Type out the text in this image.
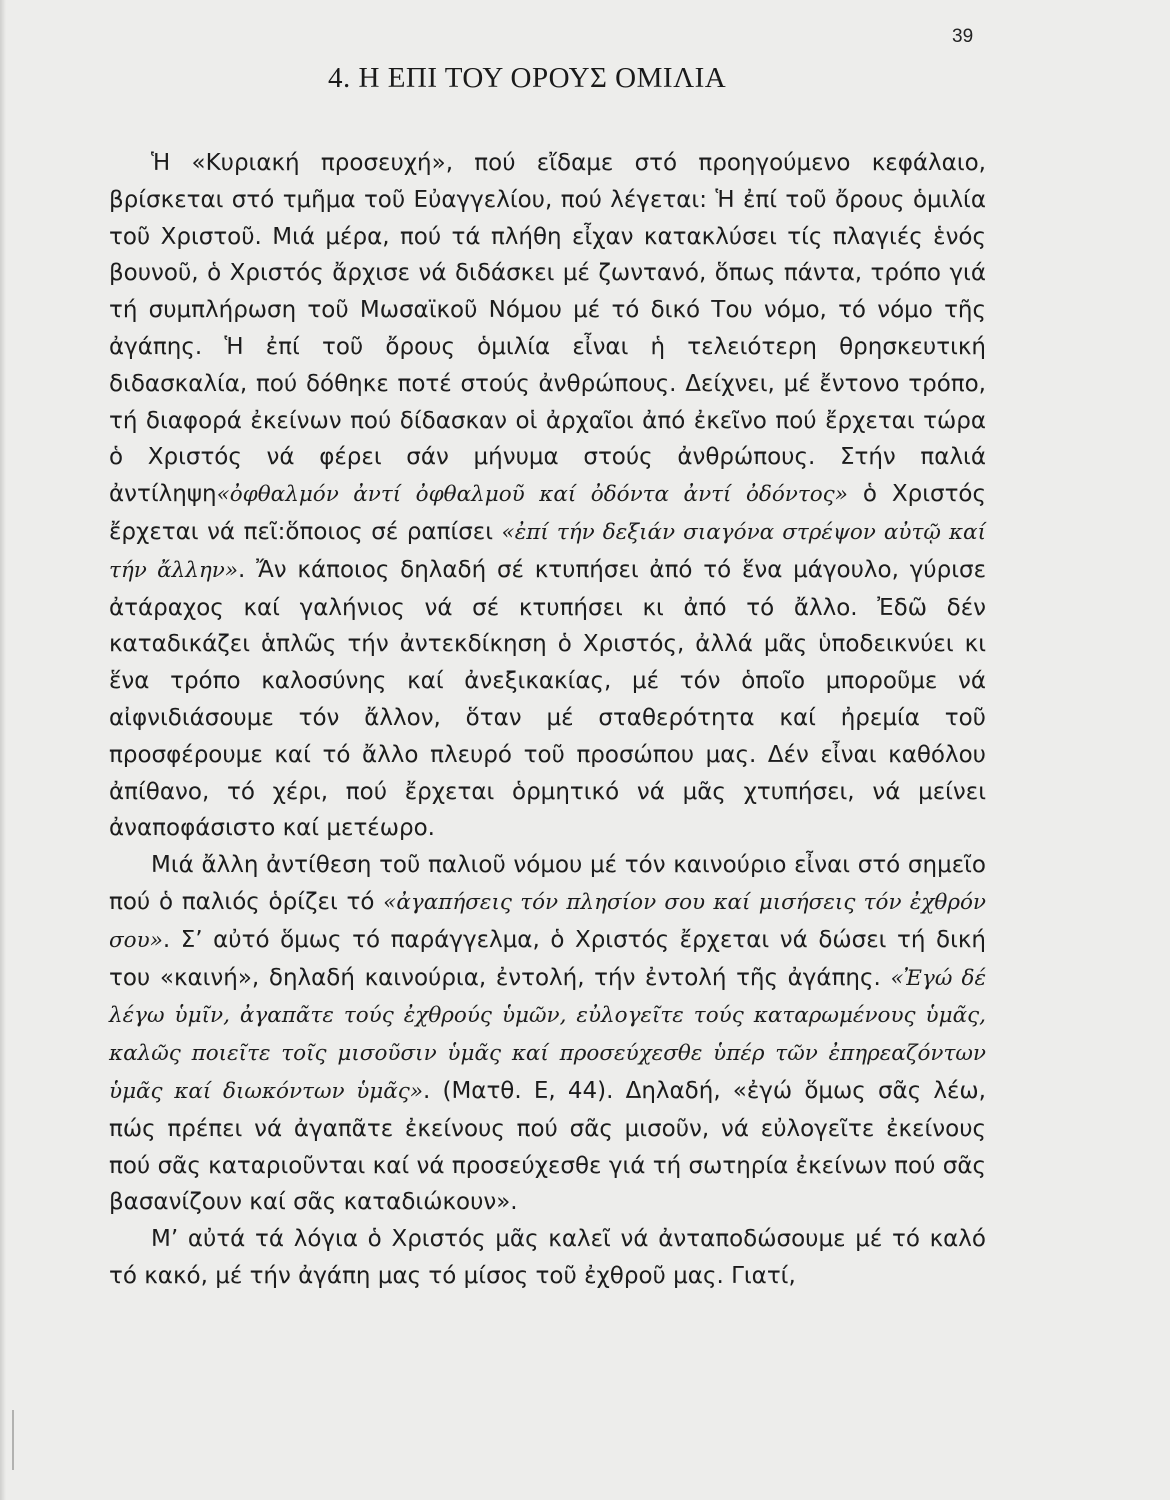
39
4. Η ΕΠΙ ΤΟΥ ΟΡΟΥΣ ΟΜΙΛΙΑ

Ἡ «Κυριακή προσευχή», πού εἴδαμε στό προηγούμενο κεφάλαιο, βρίσκεται στό τμῆμα τοῦ Εὐαγγελίου, πού λέγεται: Ἡ ἐπί τοῦ ὄρους ὁμιλία τοῦ Χριστοῦ. Μιά μέρα, πού τά πλήθη εἶχαν κατακλύσει τίς πλαγιές ἑνός βουνοῦ, ὁ Χριστός ἄρχισε νά διδάσκει μέ ζωντανό, ὅπως πάντα, τρόπο γιά τή συμπλήρωση τοῦ Μωσαϊκοῦ Νόμου μέ τό δικό Του νόμο, τό νόμο τῆς ἀγάπης. Ἡ ἐπί τοῦ ὄρους ὁμιλία εἶναι ἡ τελειότερη θρησκευτική διδασκαλία, πού δόθηκε ποτέ στούς ἀνθρώπους. Δείχνει, μέ ἔντονο τρόπο, τή διαφορά ἐκείνων πού δίδασκαν οἱ ἀρχαῖοι ἀπό ἐκεῖνο πού ἔρχεται τώρα ὁ Χριστός νά φέρει σάν μήνυμα στούς ἀνθρώπους. Στήν παλιά ἀντίληψη«ὀφθαλμόν ἀντί ὀφθαλμοῦ καί ὀδόντα ἀντί ὀδόντος» ὁ Χριστός ἔρχεται νά πεῖ:ὅποιος σέ ραπίσει «ἐπί τήν δεξιάν σιαγόνα στρέψον αὐτῷ καί τήν ἄλλην». Ἄν κάποιος δηλαδή σέ κτυπήσει ἀπό τό ἕνα μάγουλο, γύρισε ἀτάραχος καί γαλήνιος νά σέ κτυπήσει κι ἀπό τό ἄλλο. Ἐδῶ δέν καταδικάζει ἁπλῶς τήν ἀντεκδίκηση ὁ Χριστός, ἀλλά μᾶς ὑποδεικνύει κι ἕνα τρόπο καλοσύνης καί ἀνεξικακίας, μέ τόν ὁποῖο μποροῦμε νά αἰφνιδιάσουμε τόν ἄλλον, ὅταν μέ σταθερότητα καί ἠρεμία τοῦ προσφέρουμε καί τό ἄλλο πλευρό τοῦ προσώπου μας. Δέν εἶναι καθόλου ἀπίθανο, τό χέρι, πού ἔρχεται ὁρμητικό νά μᾶς χτυπήσει, νά μείνει ἀναποφάσιστο καί μετέωρο.

Μιά ἄλλη ἀντίθεση τοῦ παλιοῦ νόμου μέ τόν καινούριο εἶναι στό σημεῖο πού ὁ παλιός ὁρίζει τό «ἀγαπήσεις τόν πλησίον σου καί μισήσεις τόν ἐχθρόν σου». Σ’ αὐτό ὅμως τό παράγγελμα, ὁ Χριστός ἔρχεται νά δώσει τή δική του «καινή», δηλαδή καινούρια, ἐντολή, τήν ἐντολή τῆς ἀγάπης. «Ἐγώ δέ λέγω ὑμῖν, ἀγαπᾶτε τούς ἐχθρούς ὑμῶν, εὐλογεῖτε τούς καταρωμένους ὑμᾶς, καλῶς ποιεῖτε τοῖς μισοῦσιν ὑμᾶς καί προσεύχεσθε ὑπέρ τῶν ἐπηρεαζόντων ὑμᾶς καί διωκόντων ὑμᾶς». (Ματθ. Ε, 44). Δηλαδή, «ἐγώ ὅμως σᾶς λέω, πώς πρέπει νά ἀγαπᾶτε ἐκείνους πού σᾶς μισοῦν, νά εὐλογεῖτε ἐκείνους πού σᾶς καταριοῦνται καί νά προσεύχεσθε γιά τή σωτηρία ἐκείνων πού σᾶς βασανίζουν καί σᾶς καταδιώκουν».

Μ’ αὐτά τά λόγια ὁ Χριστός μᾶς καλεῖ νά ἀνταποδώσουμε μέ τό καλό τό κακό, μέ τήν ἀγάπη μας τό μίσος τοῦ ἐχθροῦ μας. Γιατί,
